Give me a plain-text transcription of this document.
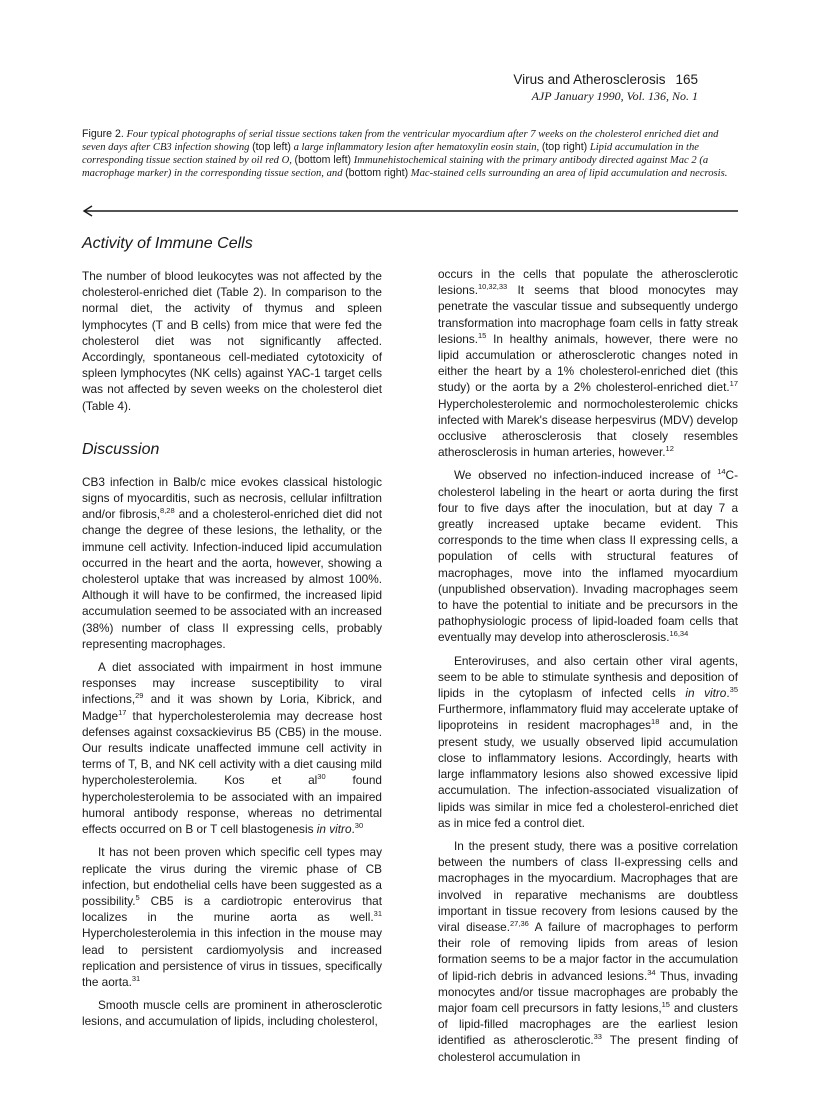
Virus and Atherosclerosis 165
AJP January 1990, Vol. 136, No. 1
Figure 2. Four typical photographs of serial tissue sections taken from the ventricular myocardium after 7 weeks on the cholesterol enriched diet and seven days after CB3 infection showing (top left) a large inflammatory lesion after hematoxylin eosin stain, (top right) Lipid accumulation in the corresponding tissue section stained by oil red O, (bottom left) Immunehistochemical staining with the primary antibody directed against Mac 2 (a macrophage marker) in the corresponding tissue section, and (bottom right) Mac-stained cells surrounding an area of lipid accumulation and necrosis.
Activity of Immune Cells

The number of blood leukocytes was not affected by the cholesterol-enriched diet (Table 2). In comparison to the normal diet, the activity of thymus and spleen lymphocytes (T and B cells) from mice that were fed the cholesterol diet was not significantly affected. Accordingly, spontaneous cell-mediated cytotoxicity of spleen lymphocytes (NK cells) against YAC-1 target cells was not affected by seven weeks on the cholesterol diet (Table 4).

Discussion

CB3 infection in Balb/c mice evokes classical histologic signs of myocarditis, such as necrosis, cellular infiltration and/or fibrosis,$^{8,28}$ and a cholesterol-enriched diet did not change the degree of these lesions, the lethality, or the immune cell activity. Infection-induced lipid accumulation occurred in the heart and the aorta, however, showing a cholesterol uptake that was increased by almost 100%. Although it will have to be confirmed, the increased lipid accumulation seemed to be associated with an increased (38%) number of class II expressing cells, probably representing macrophages.

A diet associated with impairment in host immune responses may increase susceptibility to viral infections,$^{29}$ and it was shown by Loria, Kibrick, and Madge$^{17}$ that hypercholesterolemia may decrease host defenses against coxsackievirus B5 (CB5) in the mouse. Our results indicate unaffected immune cell activity in terms of T, B, and NK cell activity with a diet causing mild hypercholesterolemia. Kos et $al^{30}$ found hypercholesterolemia to be associated with an impaired humoral antibody response, whereas no detrimental effects occurred on B or T cell blastogenesis in vitro.$^{30}$

It has not been proven which specific cell types may replicate the virus during the viremic phase of CB infection, but endothelial cells have been suggested as a possibility.$^5$ CB5 is a cardiotropic enterovirus that localizes in the murine aorta as well.$^{31}$ Hypercholesterolemia in this infection in the mouse may lead to persistent cardiomyolysis and increased replication and persistence of virus in tissues, specifically the aorta.$^{31}$

Smooth muscle cells are prominent in atherosclerotic lesions, and accumulation of lipids, including cholesterol,

occurs in the cells that populate the atherosclerotic lesions.$^{10,32,33}$ It seems that blood monocytes may penetrate the vascular tissue and subsequently undergo transformation into macrophage foam cells in fatty streak lesions.$^{15}$ In healthy animals, however, there were no lipid accumulation or atherosclerotic changes noted in either the heart by a 1% cholesterol-enriched diet (this study) or the aorta by a 2% cholesterol-enriched diet.$^{17}$ Hypercholesterolemic and normocholesterolemic chicks infected with Marek's disease herpesvirus (MDV) develop occlusive atherosclerosis that closely resembles atherosclerosis in human arteries, however.$^{12}$

We observed no infection-induced increase of $^{14}$C-cholesterol labeling in the heart or aorta during the first four to five days after the inoculation, but at day 7 a greatly increased uptake became evident. This corresponds to the time when class II expressing cells, a population of cells with structural features of macrophages, move into the inflamed myocardium (unpublished observation). Invading macrophages seem to have the potential to initiate and be precursors in the pathophysiologic process of lipid-loaded foam cells that eventually may develop into atherosclerosis.$^{16,34}$

Enteroviruses, and also certain other viral agents, seem to be able to stimulate synthesis and deposition of lipids in the cytoplasm of infected cells in vitro.$^{35}$ Furthermore, inflammatory fluid may accelerate uptake of lipoproteins in resident macrophages$^{18}$ and, in the present study, we usually observed lipid accumulation close to inflammatory lesions. Accordingly, hearts with large inflammatory lesions also showed excessive lipid accumulation. The infection-associated visualization of lipids was similar in mice fed a cholesterol-enriched diet as in mice fed a control diet.

In the present study, there was a positive correlation between the numbers of class II-expressing cells and macrophages in the myocardium. Macrophages that are involved in reparative mechanisms are doubtless important in tissue recovery from lesions caused by the viral disease.$^{27,36}$ A failure of macrophages to perform their role of removing lipids from areas of lesion formation seems to be a major factor in the accumulation of lipid-rich debris in advanced lesions.$^{34}$ Thus, invading monocytes and/or tissue macrophages are probably the major foam cell precursors in fatty lesions,$^{15}$ and clusters of lipid-filled macrophages are the earliest lesion identified as atherosclerotic.$^{33}$ The present finding of cholesterol accumulation in
